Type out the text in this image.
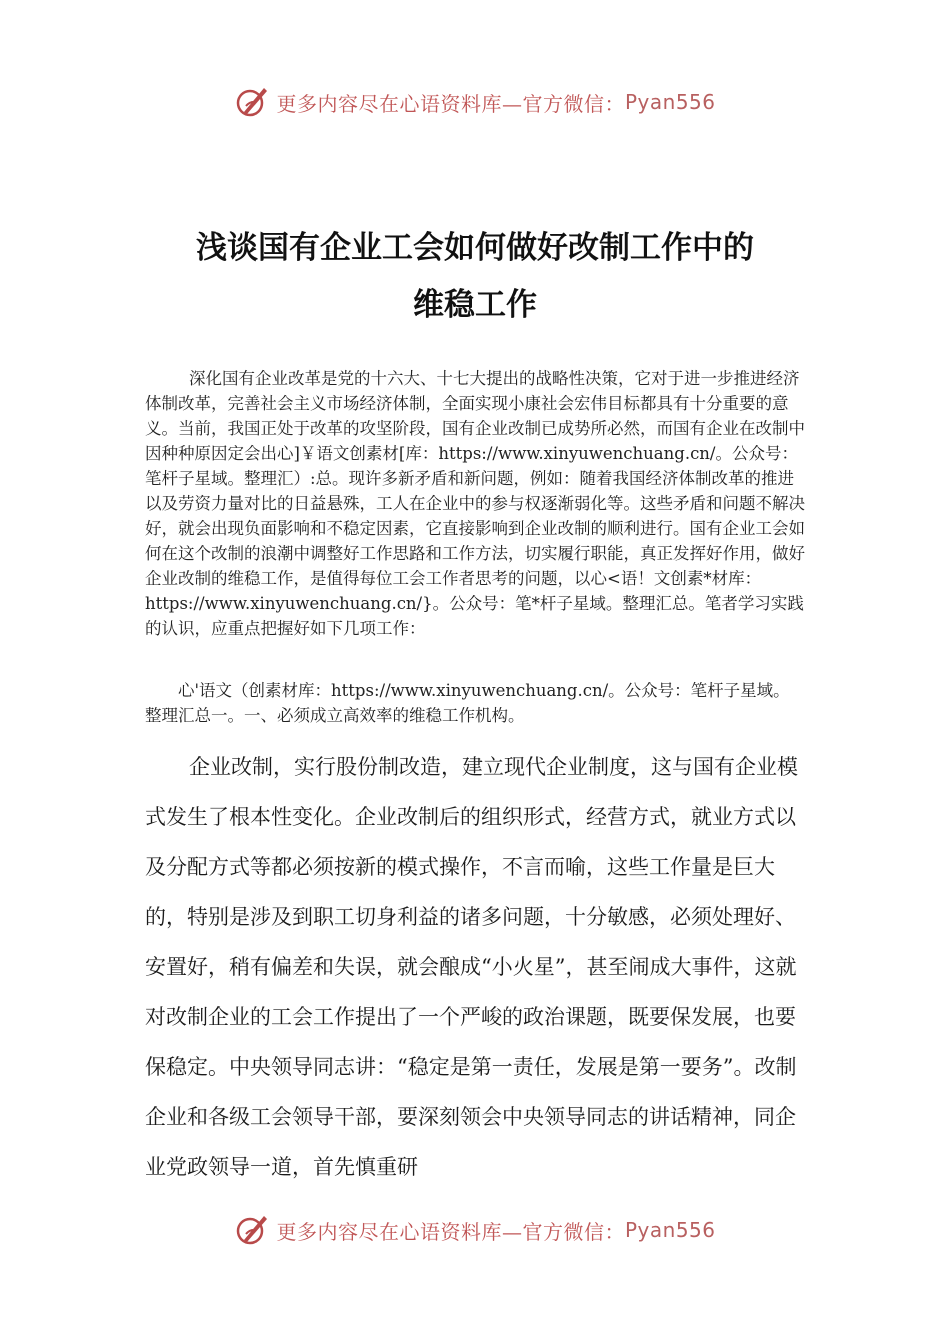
更多内容尽在心语资料库—官方微信： Pyan556
浅谈国有企业工会如何做好改制工作中的
维稳工作

深化国有企业改革是党的十六大、十七大提出的战略性决策，它对于进一步推进经济体制改革，完善社会主义市场经济体制，全面实现小康社会宏伟目标都具有十分重要的意义。当前，我国正处于改革的攻坚阶段，国有企业改制已成势所必然，而国有企业在改制中因种种原因定会出心]￥语文创素材[库：https://www.xinyuwenchuang.cn/。公众号：笔杆子星域。整理汇）:总。现许多新矛盾和新问题，例如：随着我国经济体制改革的推进以及劳资力量对比的日益悬殊，工人在企业中的参与权逐渐弱化等。这些矛盾和问题不解决好，就会出现负面影响和不稳定因素，它直接影响到企业改制的顺利进行。国有企业工会如何在这个改制的浪潮中调整好工作思路和工作方法，切实履行职能，真正发挥好作用，做好企业改制的维稳工作，是值得每位工会工作者思考的问题，以心<语！文创素*材库：https://www.xinyuwenchuang.cn/}。公众号：笔*杆子星域。整理汇总。笔者学习实践的认识，应重点把握好如下几项工作：

心'语文（创素材库：https://www.xinyuwenchuang.cn/。公众号：笔杆子星域。整理汇总一。一、必须成立高效率的维稳工作机构。

企业改制，实行股份制改造，建立现代企业制度，这与国有企业模式发生了根本性变化。企业改制后的组织形式，经营方式，就业方式以及分配方式等都必须按新的模式操作，不言而喻，这些工作量是巨大的，特别是涉及到职工切身利益的诸多问题，十分敏感，必须处理好、安置好，稍有偏差和失误，就会酿成“小火星”，甚至闹成大事件，这就对改制企业的工会工作提出了一个严峻的政治课题，既要保发展，也要保稳定。中央领导同志讲：“稳定是第一责任，发展是第一要务”。改制企业和各级工会领导干部，要深刻领会中央领导同志的讲话精神，同企业党政领导一道，首先慎重研

更多内容尽在心语资料库—官方微信： Pyan556
